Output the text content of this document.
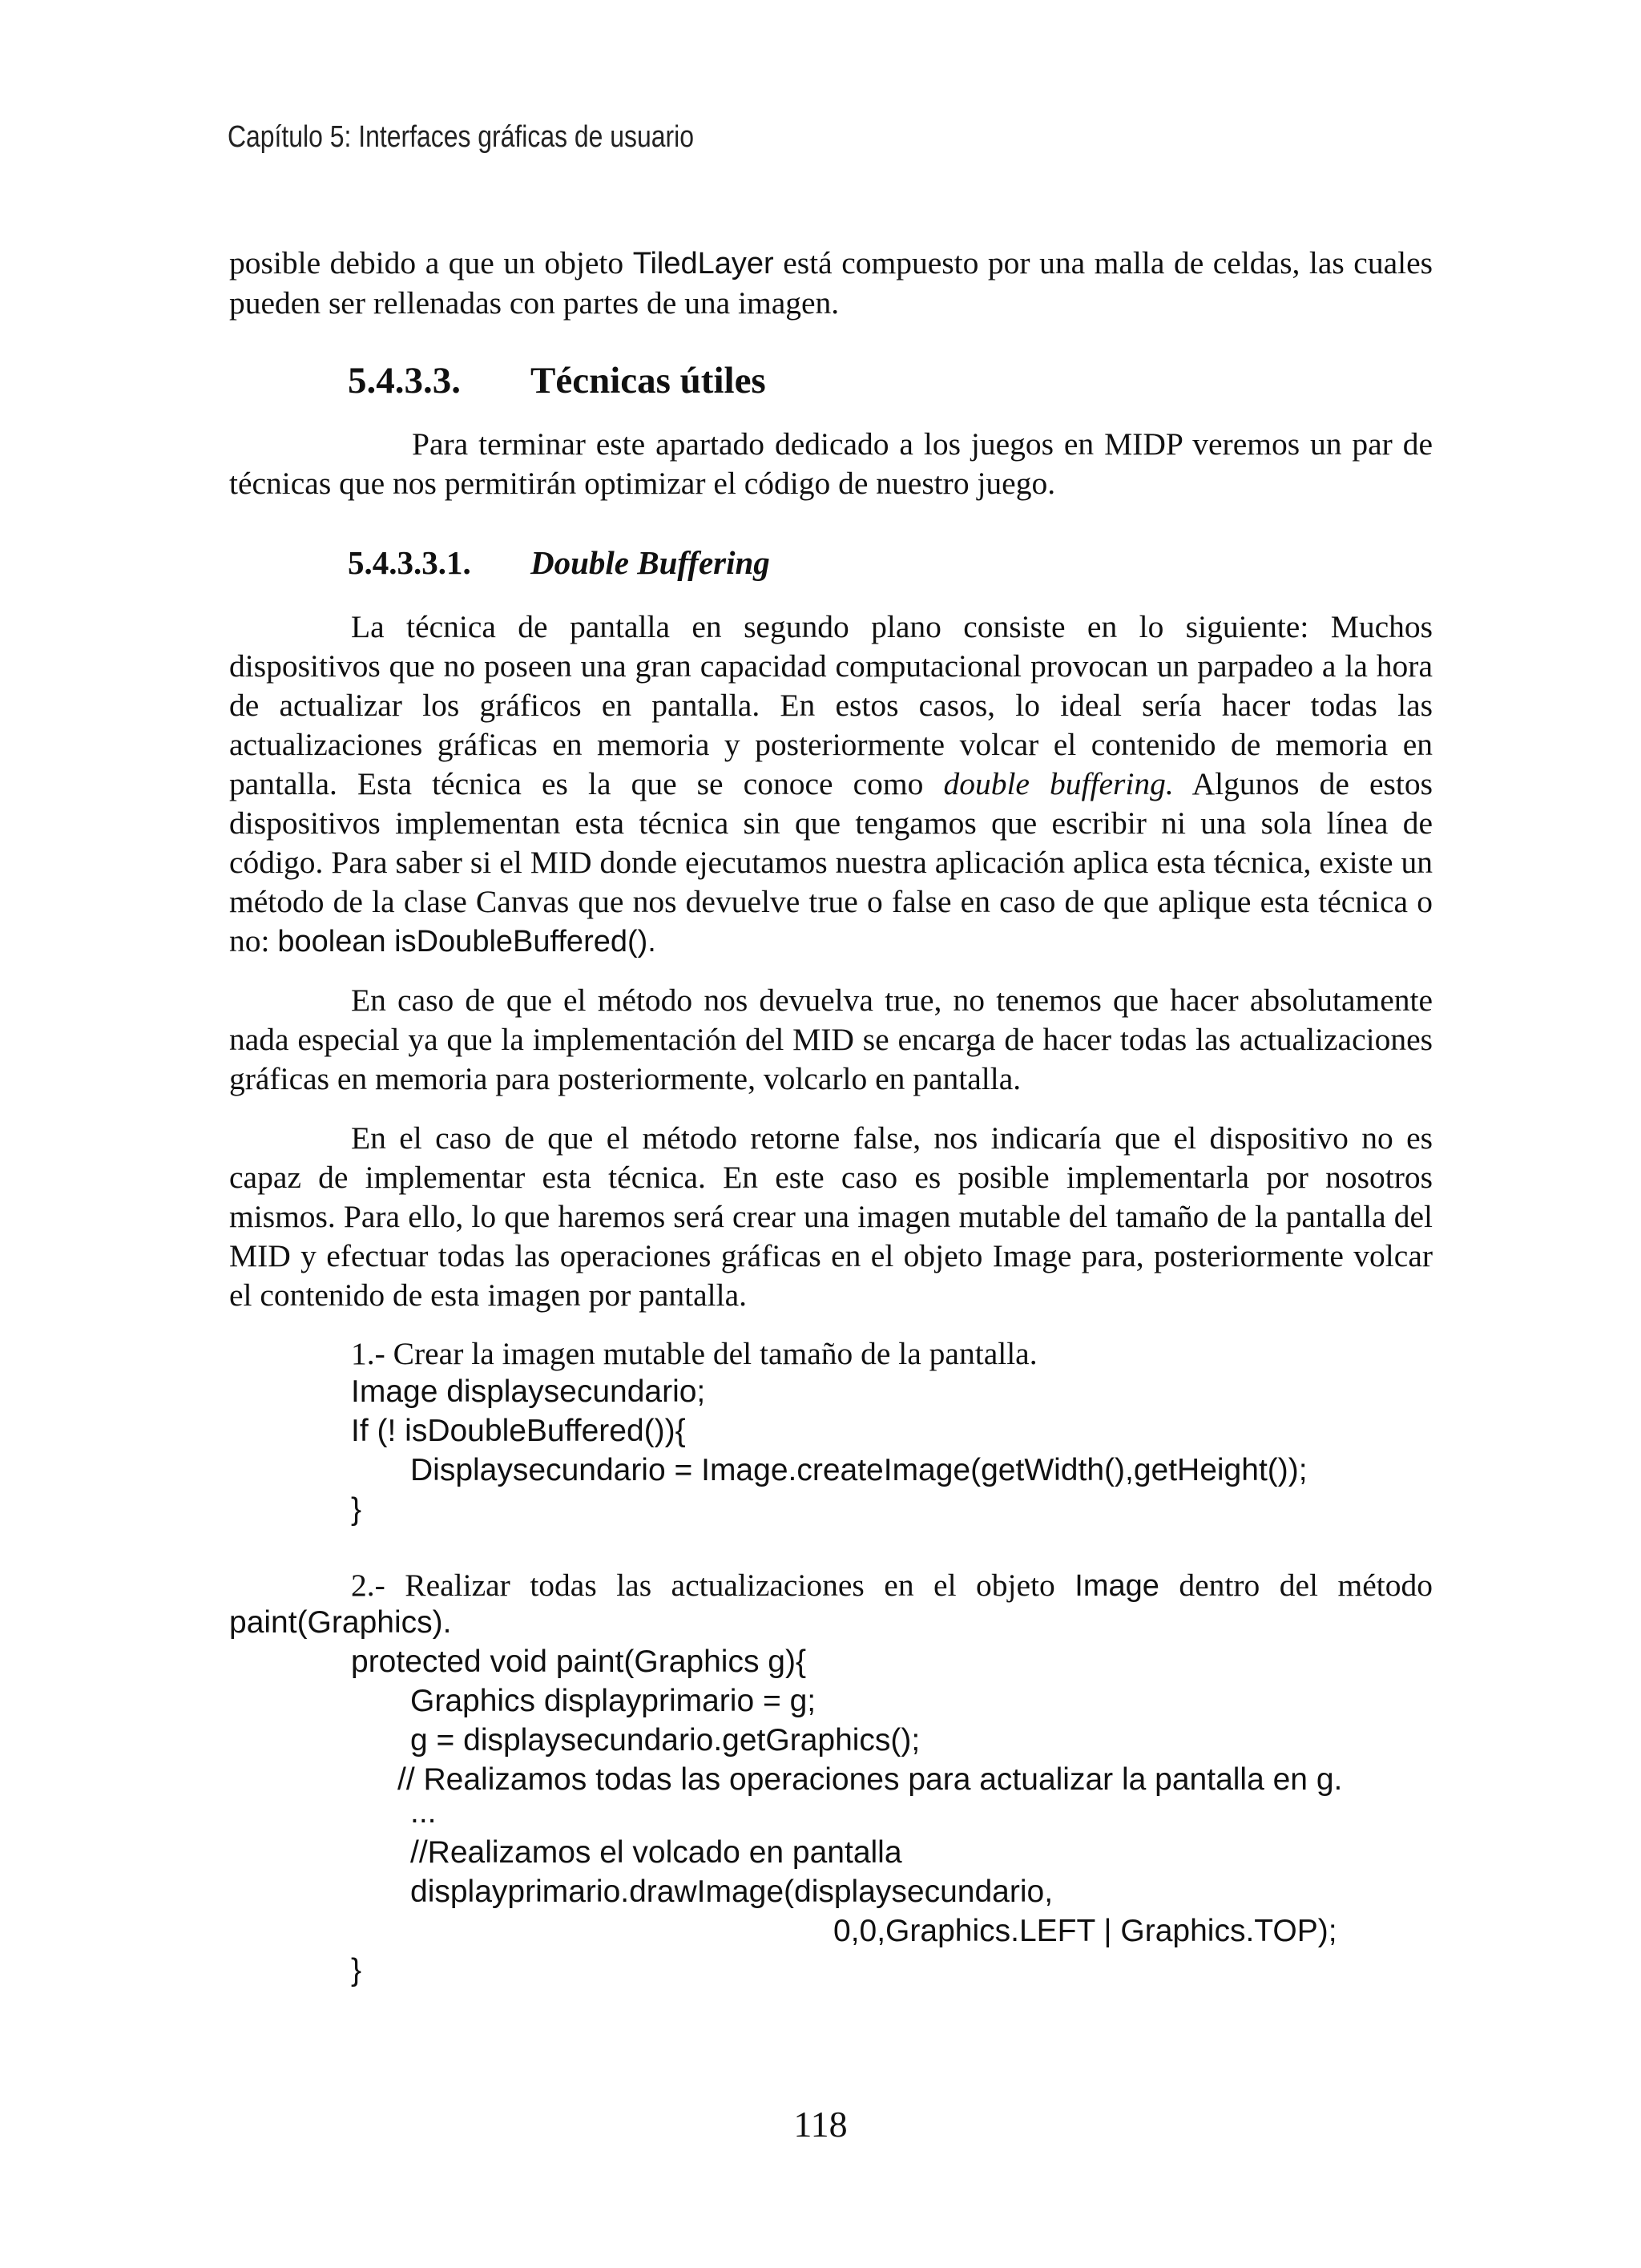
Capítulo 5: Interfaces gráficas de usuario

posible debido a que un objeto TiledLayer está compuesto por una malla de celdas, las cuales pueden ser rellenadas con partes de una imagen.

5.4.3.3. Técnicas útiles

Para terminar este apartado dedicado a los juegos en MIDP veremos un par de técnicas que nos permitirán optimizar el código de nuestro juego.

5.4.3.3.1. Double Buffering

La técnica de pantalla en segundo plano consiste en lo siguiente: Muchos dispositivos que no poseen una gran capacidad computacional provocan un parpadeo a la hora de actualizar los gráficos en pantalla. En estos casos, lo ideal sería hacer todas las actualizaciones gráficas en memoria y posteriormente volcar el contenido de memoria en pantalla. Esta técnica es la que se conoce como double buffering. Algunos de estos dispositivos implementan esta técnica sin que tengamos que escribir ni una sola línea de código. Para saber si el MID donde ejecutamos nuestra aplicación aplica esta técnica, existe un método de la clase Canvas que nos devuelve true o false en caso de que aplique esta técnica o no: boolean isDoubleBuffered().

En caso de que el método nos devuelva true, no tenemos que hacer absolutamente nada especial ya que la implementación del MID se encarga de hacer todas las actualizaciones gráficas en memoria para posteriormente, volcarlo en pantalla.

En el caso de que el método retorne false, nos indicaría que el dispositivo no es capaz de implementar esta técnica. En este caso es posible implementarla por nosotros mismos. Para ello, lo que haremos será crear una imagen mutable del tamaño de la pantalla del MID y efectuar todas las operaciones gráficas en el objeto Image para, posteriormente volcar el contenido de esta imagen por pantalla.

1.- Crear la imagen mutable del tamaño de la pantalla.
Image displaysecundario;
If (! isDoubleBuffered()){
Displaysecundario = Image.createImage(getWidth(),getHeight());
}

2.- Realizar todas las actualizaciones en el objeto Image dentro del método

paint(Graphics).
protected void paint(Graphics g){
Graphics displayprimario = g;
g = displaysecundario.getGraphics();
// Realizamos todas las operaciones para actualizar la pantalla en g.
...
//Realizamos el volcado en pantalla
displayprimario.drawImage(displaysecundario,
0,0,Graphics.LEFT | Graphics.TOP);
}
118
